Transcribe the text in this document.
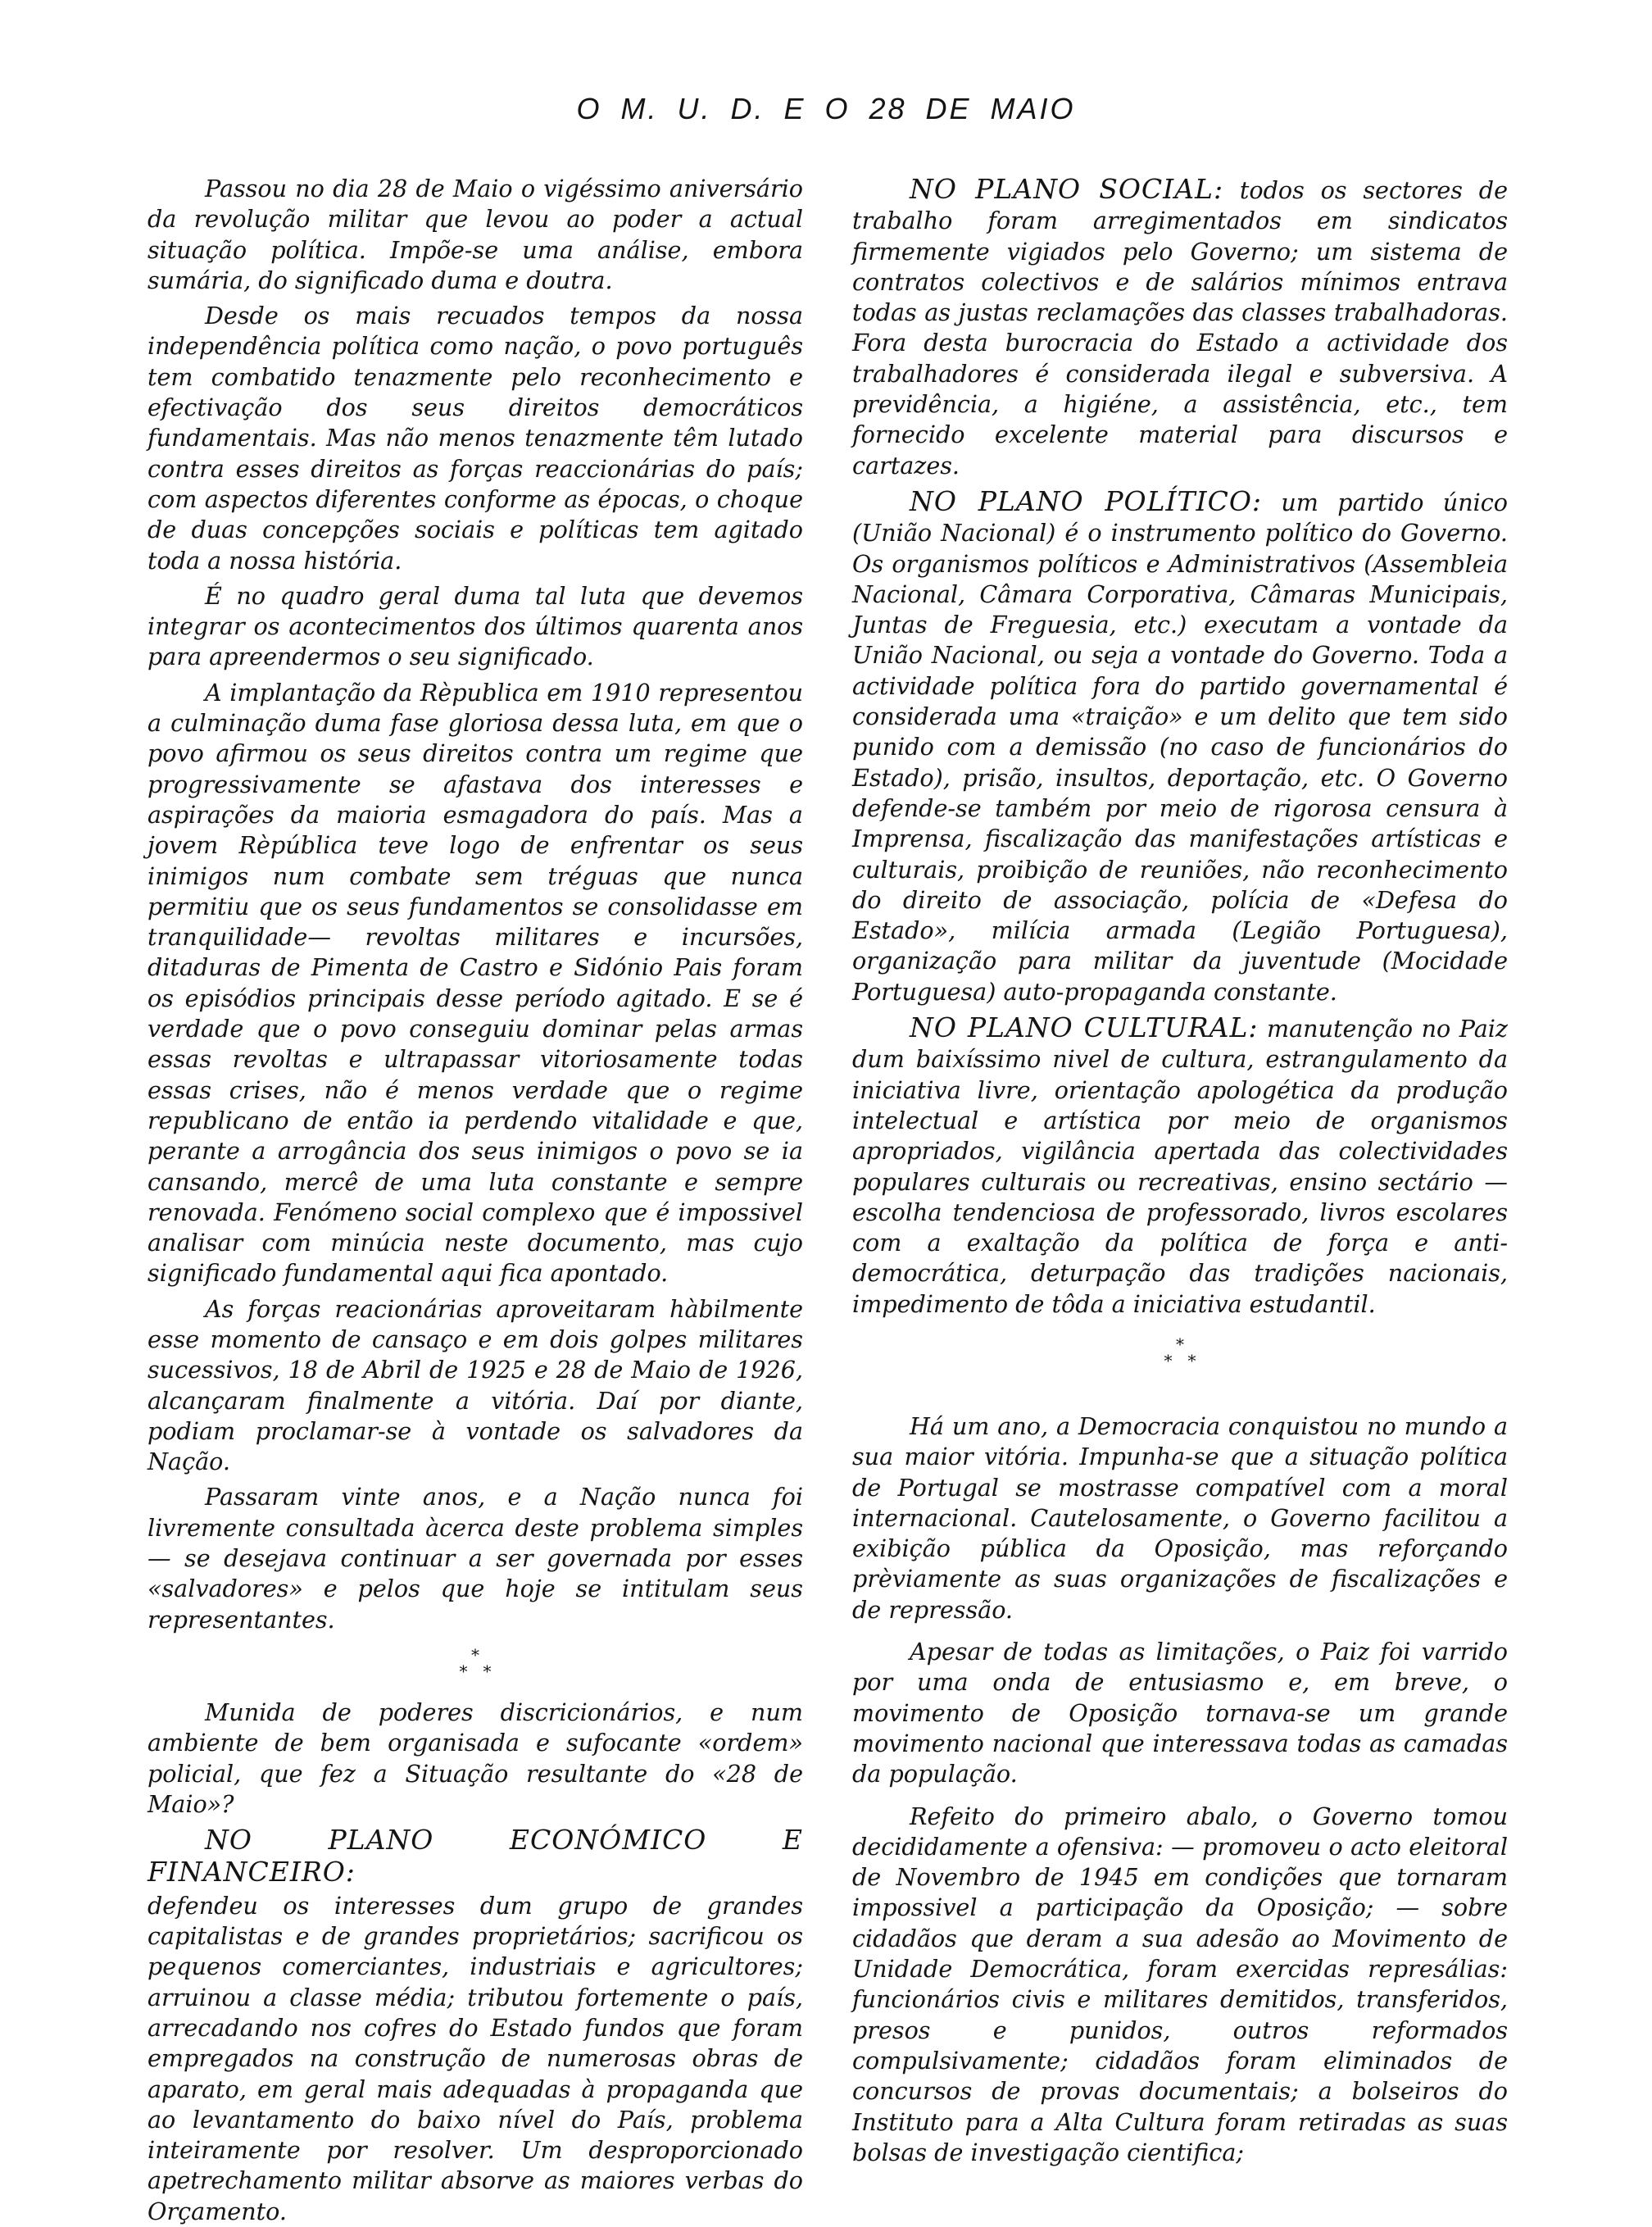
O M. U. D. E O 28 DE MAIO

Passou no dia 28 de Maio o vigéssimo aniversário da revolução militar que levou ao poder a actual situação política. Impõe-se uma análise, embora sumária, do significado duma e doutra.

Desde os mais recuados tempos da nossa independência política como nação, o povo português tem combatido tenazmente pelo reconhecimento e efectivação dos seus direitos democráticos fundamentais. Mas não menos tenazmente têm lutado contra esses direitos as forças reaccionárias do país; com aspectos diferentes conforme as épocas, o choque de duas concepções sociais e políticas tem agitado toda a nossa história.

É no quadro geral duma tal luta que devemos integrar os acontecimentos dos últimos quarenta anos para apreendermos o seu significado.

A implantação da Rèpublica em 1910 representou a culminação duma fase gloriosa dessa luta, em que o povo afirmou os seus direitos contra um regime que progressivamente se afastava dos interesses e aspirações da maioria esmagadora do país. Mas a jovem Rèpública teve logo de enfrentar os seus inimigos num combate sem tréguas que nunca permitiu que os seus fundamentos se consolidasse em tranquilidade— revoltas militares e incursões, ditaduras de Pimenta de Castro e Sidónio Pais foram os episódios principais desse período agitado. E se é verdade que o povo conseguiu dominar pelas armas essas revoltas e ultrapassar vitoriosamente todas essas crises, não é menos verdade que o regime republicano de então ia perdendo vitalidade e que, perante a arrogância dos seus inimigos o povo se ia cansando, mercê de uma luta constante e sempre renovada. Fenómeno social complexo que é impossivel analisar com minúcia neste documento, mas cujo significado fundamental aqui fica apontado.

As forças reacionárias aproveitaram hàbilmente esse momento de cansaço e em dois golpes militares sucessivos, 18 de Abril de 1925 e 28 de Maio de 1926, alcançaram finalmente a vitória. Daí por diante, podiam proclamar-se à vontade os salvadores da Nação.

Passaram vinte anos, e a Nação nunca foi livremente consultada àcerca deste problema simples— se desejava continuar a ser governada por esses «salvadores» e pelos que hoje se intitulam seus representantes.

*
*   *

Munida de poderes discricionários, e num ambiente de bem organisada e sufocante «ordem» policial, que fez a Situação resultante do «28 de Maio»?

NO PLANO ECONÓMICO E FINANCEIRO:

defendeu os interesses dum grupo de grandes capitalistas e de grandes proprietários; sacrificou os pequenos comerciantes, industriais e agricultores; arruinou a classe média; tributou fortemente o país, arrecadando nos cofres do Estado fundos que foram empregados na construção de numerosas obras de aparato, em geral mais adequadas à propaganda que ao levantamento do baixo nível do País, problema inteiramente por resolver. Um desproporcionado apetrechamento militar absorve as maiores verbas do Orçamento.

NO PLANO SOCIAL: todos os sectores de trabalho foram arregimentados em sindicatos firmemente vigiados pelo Governo; um sistema de contratos colectivos e de salários mínimos entrava todas as justas reclamações das classes trabalhadoras. Fora desta burocracia do Estado a actividade dos trabalhadores é considerada ilegal e subversiva. A previdência, a higiéne, a assistência, etc., tem fornecido excelente material para discursos e cartazes.

NO PLANO POLÍTICO: um partido único (União Nacional) é o instrumento político do Governo. Os organismos políticos e Administrativos (Assembleia Nacional, Câmara Corporativa, Câmaras Municipais, Juntas de Freguesia, etc.) executam a vontade da União Nacional, ou seja a vontade do Governo. Toda a actividade política fora do partido governamental é considerada uma «traição» e um delito que tem sido punido com a demissão (no caso de funcionários do Estado), prisão, insultos, deportação, etc. O Governo defende-se também por meio de rigorosa censura à Imprensa, fiscalização das manifestações artísticas e culturais, proibição de reuniões, não reconhecimento do direito de associação, polícia de «Defesa do Estado», milícia armada (Legião Portuguesa), organização para militar da juventude (Mocidade Portuguesa) auto-propaganda constante.

NO PLANO CULTURAL: manutenção no Paiz dum baixíssimo nivel de cultura, estrangulamento da iniciativa livre, orientação apologética da produção intelectual e artística por meio de organismos apropriados, vigilância apertada das colectividades populares culturais ou recreativas, ensino sectário — escolha tendenciosa de professorado, livros escolares com a exaltação da política de força e anti-democrática, deturpação das tradições nacionais, impedimento de tôda a iniciativa estudantil.

*
*   *

Há um ano, a Democracia conquistou no mundo a sua maior vitória. Impunha-se que a situação política de Portugal se mostrasse compatível com a moral internacional. Cautelosamente, o Governo facilitou a exibição pública da Oposição, mas reforçando prèviamente as suas organizações de fiscalizações e de repressão.

Apesar de todas as limitações, o Paiz foi varrido por uma onda de entusiasmo e, em breve, o movimento de Oposição tornava-se um grande movimento nacional que interessava todas as camadas da população.

Refeito do primeiro abalo, o Governo tomou decididamente a ofensiva: — promoveu o acto eleitoral de Novembro de 1945 em condições que tornaram impossivel a participação da Oposição; — sobre cidadãos que deram a sua adesão ao Movimento de Unidade Democrática, foram exercidas represálias: funcionários civis e militares demitidos, transferidos, presos e punidos, outros reformados compulsivamente; cidadãos foram eliminados de concursos de provas documentais; a bolseiros do Instituto para a Alta Cultura foram retiradas as suas bolsas de investigação cientifica;
